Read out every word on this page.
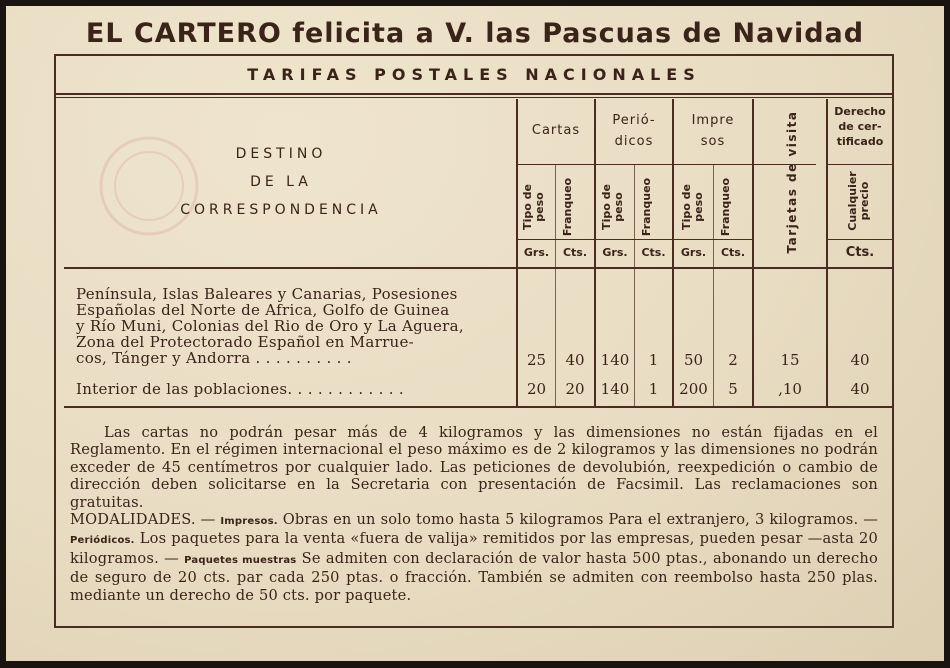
EL CARTERO felicita a V. las Pascuas de Navidad
TARIFAS POSTALES NACIONALES
DESTINO
DE LA
CORRESPONDENCIA
Cartas
Perió-
dicos
Impre
sos
Derecho
de cer-
tificado
Tipo de peso Franqueo	Tipo de peso Franqueo	Tipo de peso Franqueo	Tarjetas de visita	Cualquier precio
Grs.	Cts.	Grs.	Cts.	Grs.	Cts.	Cts.
Península, Islas Baleares y Canarias, Posesiones
Españolas del Norte de Africa, Golfo de Guinea
y Río Muni, Colonias del Rio de Oro y La Aguera,
Zona del Protectorado Español en Marrue-
cos, Tánger y Andorra . . . . . . . . . .	25	40	140	1	50	2	15	40
Interior de las poblaciones. . . . . . . . . . . .	20	20	140	1	200	5	,10	40
Las cartas no podrán pesar más de 4 kilogramos y las dimensiones no están fijadas en el Reglamento. En el régimen internacional el peso máximo es de 2 kilogramos y las dimensiones no podrán exceder de 45 centímetros por cualquier lado. Las peticiones de devolubión, reexpedición o cambio de dirección deben solicitarse en la Secretaria con presentación de Facsimil. Las reclamaciones son gratuitas.
MODALIDADES. — Impresos. Obras en un solo tomo hasta 5 kilogramos Para el extranjero, 3 kilogramos. — Periódicos. Los paquetes para la venta «fuera de valija» remitidos por las empresas, pueden pesar —asta 20 kilogramos. — Paquetes muestras Se admiten con declaración de valor hasta 500 ptas., abonando un derecho de seguro de 20 cts. par cada 250 ptas. o fracción. También se admiten con reembolso hasta 250 plas. mediante un derecho de 50 cts. por paquete.
